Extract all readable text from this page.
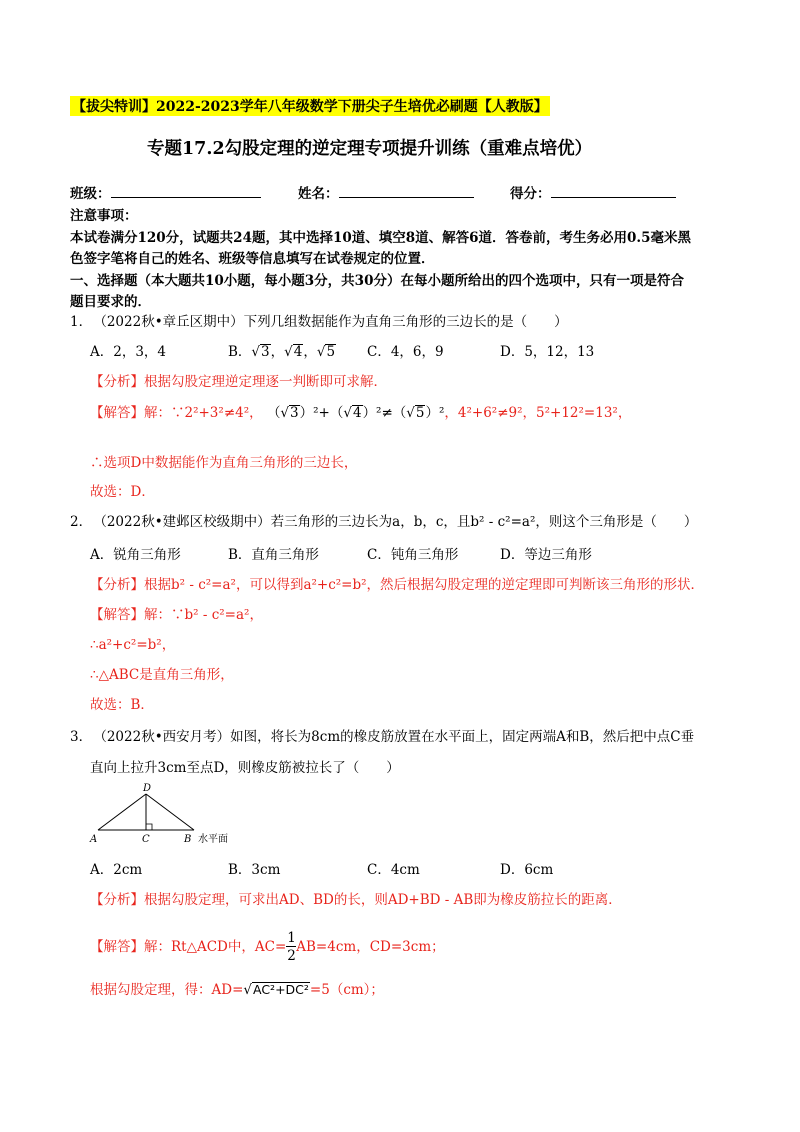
【拔尖特训】2022-2023学年八年级数学下册尖子生培优必刷题【人教版】
专题17.2勾股定理的逆定理专项提升训练（重难点培优）
班级：	姓名：	得分：
注意事项：
本试卷满分120分，试题共24题，其中选择10道、填空8道、解答6道．答卷前，考生务必用0.5毫米黑
色签字笔将自己的姓名、班级等信息填写在试卷规定的位置．
一、选择题（本大题共10小题，每小题3分，共30分）在每小题所给出的四个选项中，只有一项是符合
题目要求的．
1． （2022秋•章丘区期中）下列几组数据能作为直角三角形的三边长的是（　　）
A．2，3，4	B．√3，√4，√5 C．4，6，9	D．5，12，13
【分析】根据勾股定理逆定理逐一判断即可求解．
【解答】解：∵2²+3²≠4²， （√3）²+（√4）²≠（√5）²，4²+6²≠9²，5²+12²=13²，
∴选项D中数据能作为直角三角形的三边长，
故选：D．
2． （2022秋•建邺区校级期中）若三角形的三边长为a，b，c，且b² - c²=a²，则这个三角形是（　　）
A．锐角三角形	B．直角三角形	C．钝角三角形	D．等边三角形
【分析】根据b² - c²=a²，可以得到a²+c²=b²，然后根据勾股定理的逆定理即可判断该三角形的形状．
【解答】解：∵b² - c²=a²，
∴a²+c²=b²，
∴△ABC是直角三角形，
故选：B．
3． （2022秋•西安月考）如图，将长为8cm的橡皮筋放置在水平面上，固定两端A和B，然后把中点C垂
直向上拉升3cm至点D，则橡皮筋被拉长了（　　）
D
A	C	B 水平面
A．2cm	B．3cm	C．4cm	D．6cm
【分析】根据勾股定理，可求出AD、BD的长，则AD+BD - AB即为橡皮筋拉长的距离．
【解答】解：Rt△ACD中，AC=
$\frac{1}{2}$
AB=4cm，CD=3cm；
根据勾股定理，得：AD=√AC²+DC²=5（cm）；
